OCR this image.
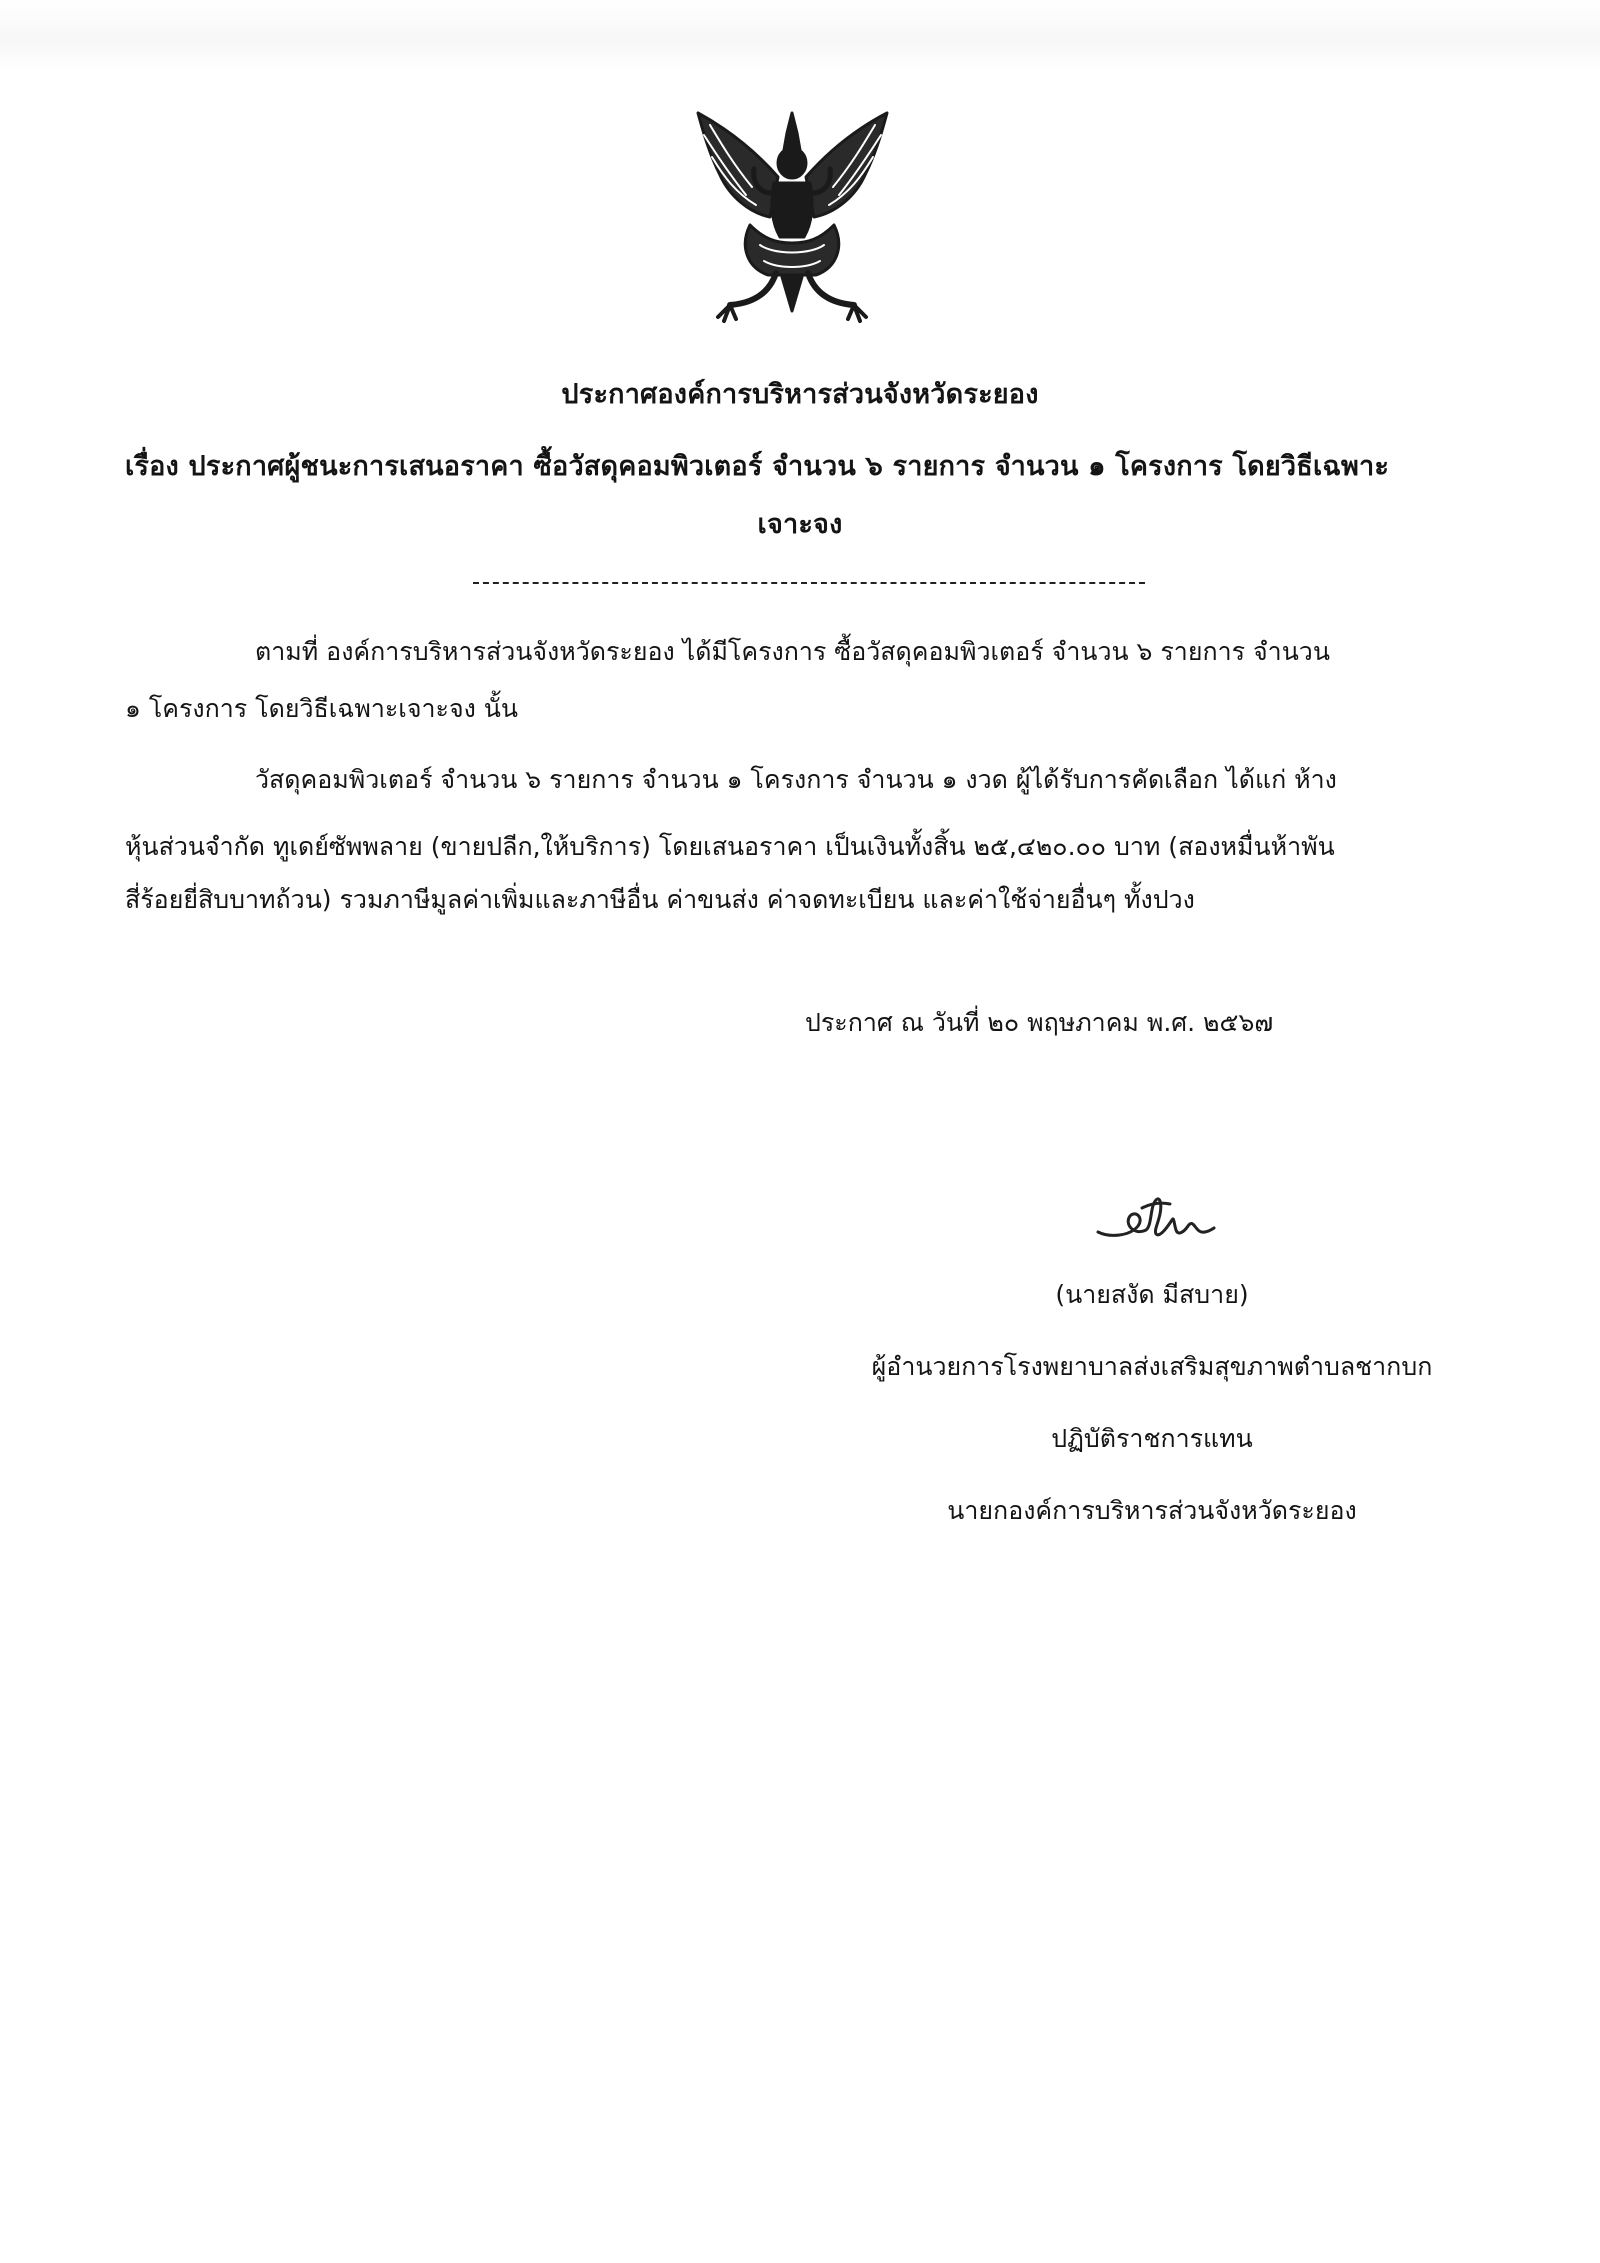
ประกาศองค์การบริหารส่วนจังหวัดระยอง
เรื่อง ประกาศผู้ชนะการเสนอราคา ซื้อวัสดุคอมพิวเตอร์ จำนวน ๖ รายการ จำนวน ๑ โครงการ โดยวิธีเฉพาะ
เจาะจง
ตามที่ องค์การบริหารส่วนจังหวัดระยอง ได้มีโครงการ ซื้อวัสดุคอมพิวเตอร์ จำนวน ๖ รายการ จำนวน
๑ โครงการ โดยวิธีเฉพาะเจาะจง นั้น
วัสดุคอมพิวเตอร์ จำนวน ๖ รายการ จำนวน ๑ โครงการ จำนวน ๑ งวด ผู้ได้รับการคัดเลือก ได้แก่ ห้าง
หุ้นส่วนจำกัด ทูเดย์ซัพพลาย (ขายปลีก,ให้บริการ) โดยเสนอราคา เป็นเงินทั้งสิ้น ๒๕,๔๒๐.๐๐ บาท (สองหมื่นห้าพัน
สี่ร้อยยี่สิบบาทถ้วน) รวมภาษีมูลค่าเพิ่มและภาษีอื่น ค่าขนส่ง ค่าจดทะเบียน และค่าใช้จ่ายอื่นๆ ทั้งปวง
ประกาศ ณ วันที่ ๒๐ พฤษภาคม พ.ศ. ๒๕๖๗
(นายสงัด มีสบาย)
ผู้อำนวยการโรงพยาบาลส่งเสริมสุขภาพตำบลชากบก
ปฏิบัติราชการแทน
นายกองค์การบริหารส่วนจังหวัดระยอง
